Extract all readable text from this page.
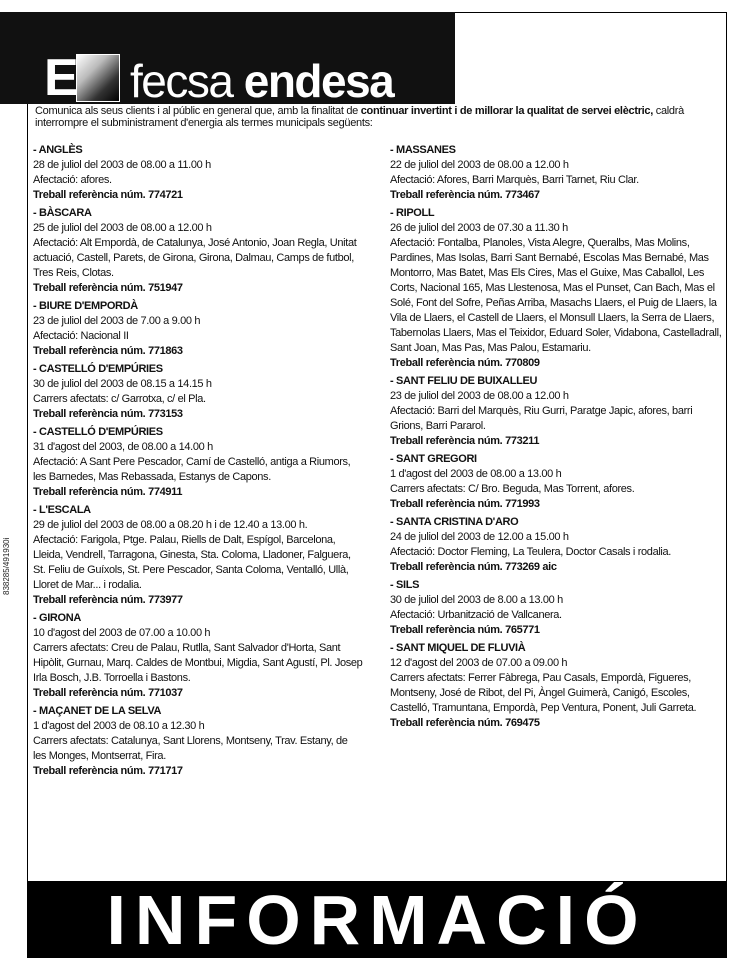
E fecsa endesa
Comunica als seus clients i al públic en general que, amb la finalitat de continuar invertint i de millorar la qualitat de servei elèctric, caldrà interrompre el subministrament d'energia als termes municipals següents:
- ANGLÈS
28 de juliol del 2003 de 08.00 a 11.00 h
Afectació: afores.
Treball referència núm. 774721
- BÀSCARA
25 de juliol del 2003 de 08.00 a 12.00 h
Afectació: Alt Empordà, de Catalunya, José Antonio, Joan Regla, Unitat actuació, Castell, Parets, de Girona, Girona, Dalmau, Camps de futbol, Tres Reis, Clotas.
Treball referència núm. 751947
- BIURE D'EMPORDÀ
23 de juliol del 2003 de 7.00 a 9.00 h
Afectació: Nacional II
Treball referència núm. 771863
- CASTELLÓ D'EMPÚRIES
30 de juliol del 2003 de 08.15 a 14.15 h
Carrers afectats: c/ Garrotxa, c/ el Pla.
Treball referència núm. 773153
- CASTELLÓ D'EMPÚRIES
31 d'agost del 2003, de 08.00 a 14.00 h
Afectació: A Sant Pere Pescador, Camí de Castelló, antiga a Riumors, les Barnedes, Mas Rebassada, Estanys de Capons.
Treball referència núm. 774911
- L'ESCALA
29 de juliol del 2003 de 08.00 a 08.20 h i de 12.40 a 13.00 h.
Afectació: Farigola, Ptge. Palau, Riells de Dalt, Espígol, Barcelona, Lleida, Vendrell, Tarragona, Ginesta, Sta. Coloma, Lladoner, Falguera, St. Feliu de Guíxols, St. Pere Pescador, Santa Coloma, Ventalló, Ullà, Lloret de Mar... i rodalia.
Treball referència núm. 773977
- GIRONA
10 d'agost del 2003 de 07.00 a 10.00 h
Carrers afectats: Creu de Palau, Rutlla, Sant Salvador d'Horta, Sant Hipòlit, Gurnau, Marq. Caldes de Montbui, Migdia, Sant Agustí, Pl. Josep Irla Bosch, J.B. Torroella i Bastons.
Treball referència núm. 771037
- MAÇANET DE LA SELVA
1 d'agost del 2003 de 08.10 a 12.30 h
Carrers afectats: Catalunya, Sant Llorens, Montseny, Trav. Estany, de les Monges, Montserrat, Fira.
Treball referència núm. 771717
- MASSANES
22 de juliol del 2003 de 08.00 a 12.00 h
Afectació: Afores, Barri Marquès, Barri Tarnet, Riu Clar.
Treball referència núm. 773467
- RIPOLL
26 de juliol del 2003 de 07.30 a 11.30 h
Afectació: Fontalba, Planoles, Vista Alegre, Queralbs, Mas Molins, Pardines, Mas Isolas, Barri Sant Bernabé, Escolas Mas Bernabé, Mas Montorro, Mas Batet, Mas Els Cires, Mas el Guixe, Mas Caballol, Les Corts, Nacional 165, Mas Llestenosa, Mas el Punset, Can Bach, Mas el Solé, Font del Sofre, Peñas Arriba, Masachs Llaers, el Puig de Llaers, la Vila de Llaers, el Castell de Llaers, el Monsull Llaers, la Serra de Llaers, Tabernolas Llaers, Mas el Teixidor, Eduard Soler, Vidabona, Castelladrall, Sant Joan, Mas Pas, Mas Palou, Estamariu.
Treball referència núm. 770809
- SANT FELIU DE BUIXALLEU
23 de juliol del 2003 de 08.00 a 12.00 h
Afectació: Barri del Marquès, Riu Gurri, Paratge Japic, afores, barri Grions, Barri Pararol.
Treball referència núm. 773211
- SANT GREGORI
1 d'agost del 2003 de 08.00 a 13.00 h
Carrers afectats: C/ Bro. Beguda, Mas Torrent, afores.
Treball referència núm. 771993
- SANTA CRISTINA D'ARO
24 de juliol del 2003 de 12.00 a 15.00 h
Afectació: Doctor Fleming, La Teulera, Doctor Casals i rodalia.
Treball referència núm. 773269 aic
- SILS
30 de juliol del 2003 de 8.00 a 13.00 h
Afectació: Urbanització de Vallcanera.
Treball referència núm. 765771
- SANT MIQUEL DE FLUVIÀ
12 d'agost del 2003 de 07.00 a 09.00 h
Carrers afectats: Ferrer Fàbrega, Pau Casals, Empordà, Figueres, Montseny, José de Ribot, del Pi, Àngel Guimerà, Canigó, Escoles, Castelló, Tramuntana, Empordà, Pep Ventura, Ponent, Juli Garreta.
Treball referència núm. 769475
838285/491930i
INFORMACIÓ
